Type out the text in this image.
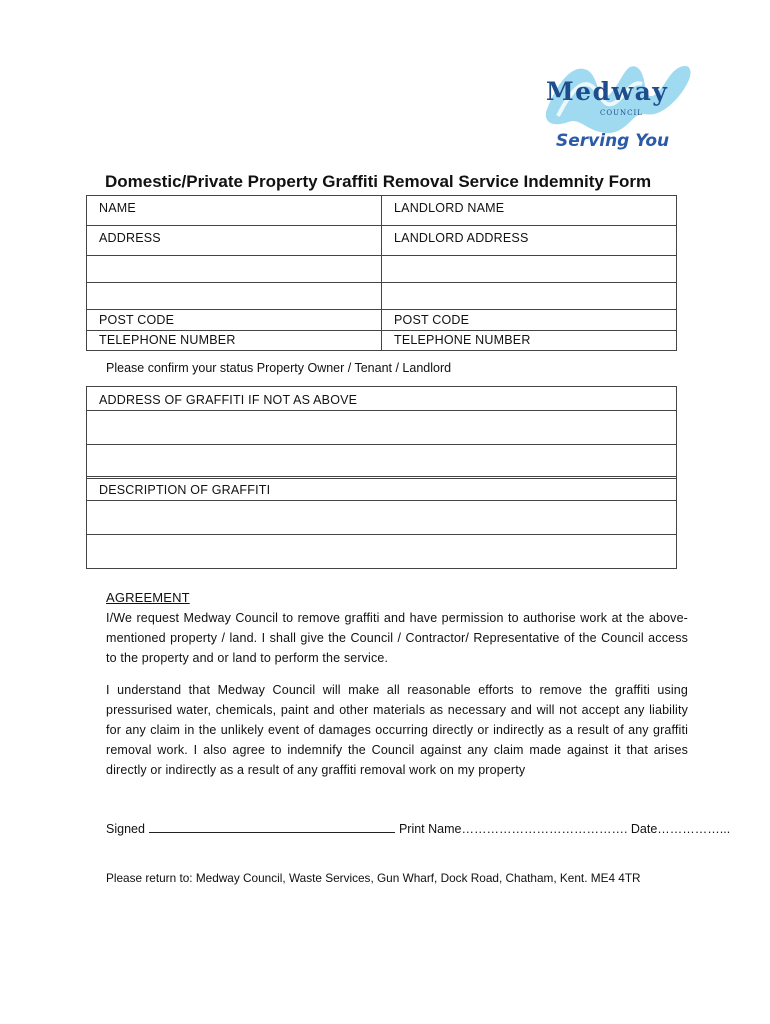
Medway
COUNCIL
Serving You
Domestic/Private Property Graffiti Removal Service Indemnity Form
NAME	LANDLORD NAME
ADDRESS	LANDLORD ADDRESS

POST CODE	POST CODE
TELEPHONE NUMBER	TELEPHONE NUMBER
Please confirm your status Property Owner / Tenant / Landlord
ADDRESS OF GRAFFITI IF NOT AS ABOVE

DESCRIPTION OF GRAFFITI

AGREEMENT

I/We request Medway Council to remove graffiti and have permission to authorise work at the above-mentioned property / land. I shall give the Council / Contractor/ Representative of the Council access to the property and or land to perform the service.

I understand that Medway Council will make all reasonable efforts to remove the graffiti using pressurised water, chemicals, paint and other materials as necessary and will not accept any liability for any claim in the unlikely event of damages occurring directly or indirectly as a result of any graffiti removal work. I also agree to indemnify the Council against any claim made against it that arises directly or indirectly as a result of any graffiti removal work on my property

Signed	Print Name…………………………………. Date……………...
Please return to: Medway Council, Waste Services, Gun Wharf, Dock Road, Chatham, Kent. ME4 4TR
